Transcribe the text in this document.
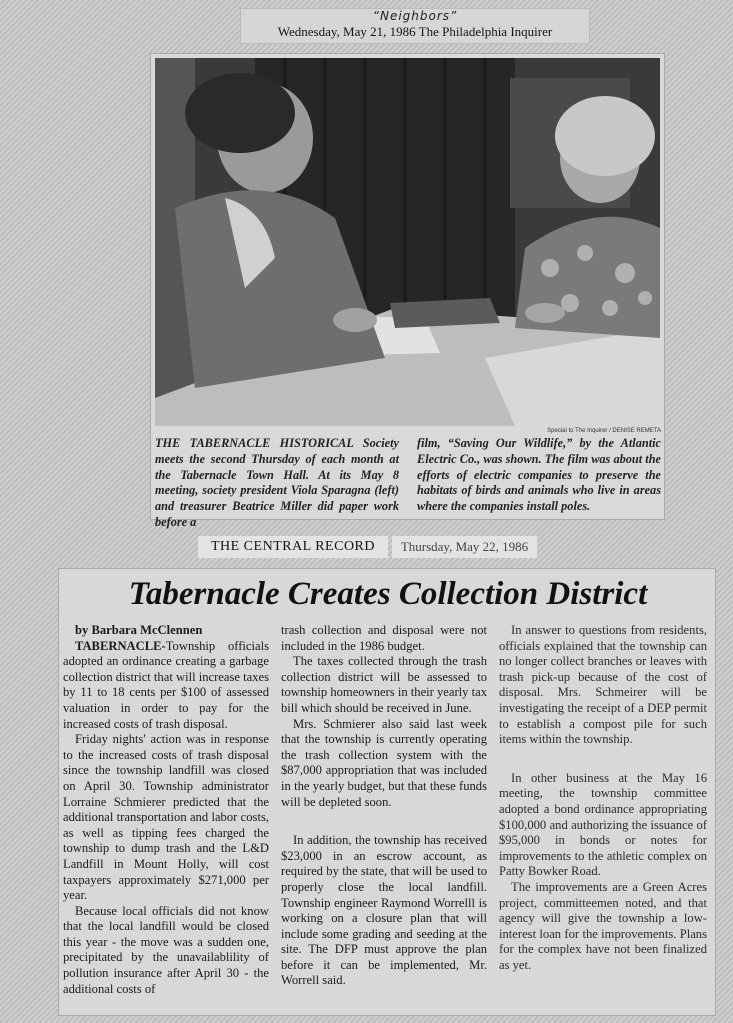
“Neighbors”
Wednesday, May 21, 1986 The Philadelphia Inquirer
Special to The Inquirer / DENISE REMETA
THE TABERNACLE HISTORICAL Society meets the second Thursday of each month at the Tabernacle Town Hall. At its May 8 meeting, society president Viola Sparagna (left) and treasurer Beatrice Miller did paper work before a
film, “Saving Our Wildlife,” by the Atlantic Electric Co., was shown. The film was about the efforts of electric companies to preserve the habitats of birds and animals who live in areas where the companies install poles.
THE CENTRAL RECORD	Thursday, May 22, 1986
Tabernacle Creates Collection District

by Barbara McClennen

TABERNACLE-Township officials adopted an ordinance creating a garbage collection district that will increase taxes by 11 to 18 cents per $100 of assessed valuation in order to pay for the increased costs of trash disposal.

Friday nights' action was in response to the increased costs of trash disposal since the township landfill was closed on April 30. Township administrator Lorraine Schmierer predicted that the additional transportation and labor costs, as well as tipping fees charged the township to dump trash and the L&D Landfill in Mount Holly, will cost taxpayers approximately $271,000 per year.

Because local officials did not know that the local landfill would be closed this year - the move was a sudden one, precipitated by the unavailablility of pollution insurance after April 30 - the additional costs of

trash collection and disposal were not included in the 1986 budget.

The taxes collected through the trash collection district will be assessed to township homeowners in their yearly tax bill which should be received in June.

Mrs. Schmierer also said last week that the township is currently operating the trash collection system with the $87,000 appropriation that was included in the yearly budget, but that these funds will be depleted soon.

In addition, the township has received $23,000 in an escrow account, as required by the state, that will be used to properly close the local landfill. Township engineer Raymond Worrelll is working on a closure plan that will include some grading and seeding at the site. The DFP must approve the plan before it can be implemented, Mr. Worrell said.

In answer to questions from residents, officials explained that the township can no longer collect branches or leaves with trash pick-up because of the cost of disposal. Mrs. Schmeirer will be investigating the receipt of a DEP permit to establish a compost pile for such items within the township.

In other business at the May 16 meeting, the township committee adopted a bond ordinance appropriating $100,000 and authorizing the issuance of $95,000 in bonds or notes for improvements to the athletic complex on Patty Bowker Road.

The improvements are a Green Acres project, committeemen noted, and that agency will give the township a low-interest loan for the improvements. Plans for the complex have not been finalized as yet.
